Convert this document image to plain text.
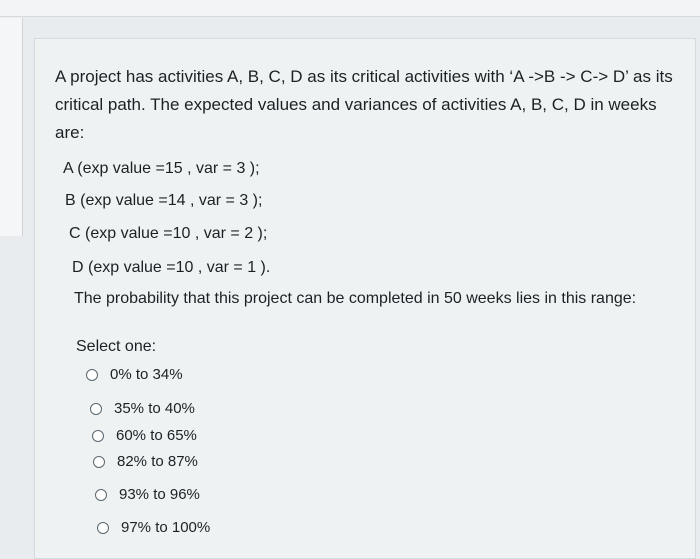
A project has activities A, B, C, D as its critical activities with ‘A ->B -> C-> D’ as its critical path. The expected values and variances of activities A, B, C, D in weeks are:
A (exp value =15 , var = 3 );
B (exp value =14 , var = 3 );
C (exp value =10 , var = 2 );
D (exp value =10 , var = 1 ).
The probability that this project can be completed in 50 weeks lies in this range:
Select one:
0% to 34%
35% to 40%
60% to 65%
82% to 87%
93% to 96%
97% to 100%
